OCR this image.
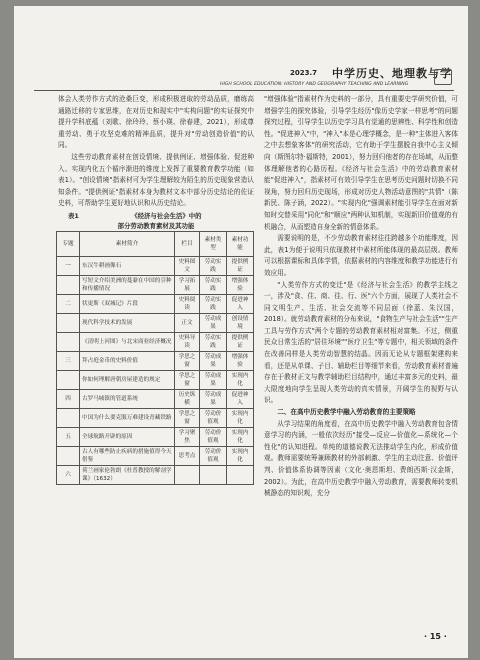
2023.7 中学历史、地理教与学
HIGH SCHOOL EDUCATION: HISTORY AND GEOGRAPHY TEACHING AND LEARNING

体会人类劳作方式的沧桑巨变，形成积极进取的劳动品质，磨练高通路迁移的专家思维，在对历史和现实中"实构问题"的实证探究中提升学科底蕴（刘歌、徐玲玲、蔡小瑛、徐春建，2021），形成尊重劳动、勇于攻坚克难的精神品质，提升对"劳动创造价值"的认同。

这些劳动教育素材在创设情境、提供例证、增强体验、促进种入、实现内化五个循序渐进的维度上发挥了重要教育教学功能（如表1）。"创设情境"指素材可为学生理解较为陌生的历史现象营造认知条件。"提供例证"指素材本身为教材文本中部分历史结论的佐证史料，可帮助学生更好地认识和从历史结论。

表1	《经济与社会生活》中的
部分劳动教育素材及其功能
专题	素材简介	栏目	素材类型	素材功能
一	东汉牛耕画像石	史料图文	劳动实践	提供例证
	写短文介绍美洲的蔓豢在中国的引种和传播情况	学习拓展	劳动实践	增强体验
二	状更斯《双城记》片段	史料阅读	劳动实践	促进神入
	现代科学技术的发展	正文	劳动成果	创设情境
	《清明上河图》与北宋商业经济概况	史料导读	劳动实践	提供例证
三	拜占庭金币的史料价值	学思之窗	劳动成果	增强体验
	你如何理解唐朝房屋建造的规定	学思之窗	劳动成果	实现内化
四	古罗马城镇的管道系统	历史纵横	劳动成果	促进神入
	中国为什么要克服万难建设青藏铁路	学思之窗	劳动价值观	实现内化
五	全球航路开辟的原因	学习聚焦	劳动价值观	实现内化
	古人有哪些防止疾病的措施值得今天借鉴	思考点	劳动价值观	实现内化
六	荷兰画家伦勃朗《杜普教授的解剖学课》（1632）			

"增强体验"指素材作为史料的一部分，具有重要史学研究价值，可增强学生的探究体验，引导学生经历"像历史学家一样思考"的问题探究过程，引导学生以历史学习具有觉通的思辨性、科学性和创造性。"促进神入"中，"神入"本是心理学概念，是一种"主体进入客体之中去想象客体"的研究活动，它有助于学生摆脱自我中心主义倾向（斯图尔特·福斯特，2001），努力回归他者的存在场域，从而整体理解他者的心路历程。《经济与社会生活》中的劳动教育素材能"促进神入"，指素材可有效引导学生在思考历史问题时切换不同视角，努力回归历史现场，形成对历史人物活动意图的"共情"（陈新民、陈子涵，2022）。"实现内化"强调素材能引导学生在面对新知时交替采用"同化"和"顺应"两种认知机制，实现新旧价值观的有机融合，从而塑造自身全新的情意体系。

需要说明的是，不少劳动教育素材往往跨越多个功能维度，因此，表1为便于说明只依现教材中素材所能体现的最高层级。教师可以根据课标和具体学情，依据素材的内容维度和教学功能进行有效应用。

"人类劳作方式的变迁"是《经济与社会生活》的教学主线之一，涉及"食、住、商、往、行、医"六个方面，展现了人类社会不同文明生产、生活、社会交流等不同层面（徐蓝、朱汉国，2018）。就劳动教育素材的分布来说，"食物生产与社会生活""生产工具与劳作方式"两个专题的劳动教育素材相对富集。不过，侧重民众日常生活的"居住环境""医疗卫生"等专题中，相关领域的条件在改善同样是人类劳动智慧的结晶。因而无论从专题框架建构来看，还是从单课、子目、辅助栏目等细节来看，劳动教育素材普遍存在于教材正文与教学辅助栏目结构中，通过丰富多元的史料，最大限度地向学生呈现人类劳动的真实情景，开阔学生的视野与认识。

二、在高中历史教学中融入劳动教育的主要策略

从学习结果的角度看，在高中历史教学中融入劳动教育包含情意学习的内涵，一般依次经历"接受—反应—价值化—系统化—个性化"的认知进程。单纯的道德说教无法推动学生内化，形成价值观。教师需要统筹兼顾教材的外部刺激、学生的主动注意、价值评判、价值体系协调等因素（文化·奥恩斯坦、费朗西斯·汉金斯，2002）。为此，在高中历史教学中融入劳动教育，需要教师转变机械静态的知识观，充分

· 15 ·
